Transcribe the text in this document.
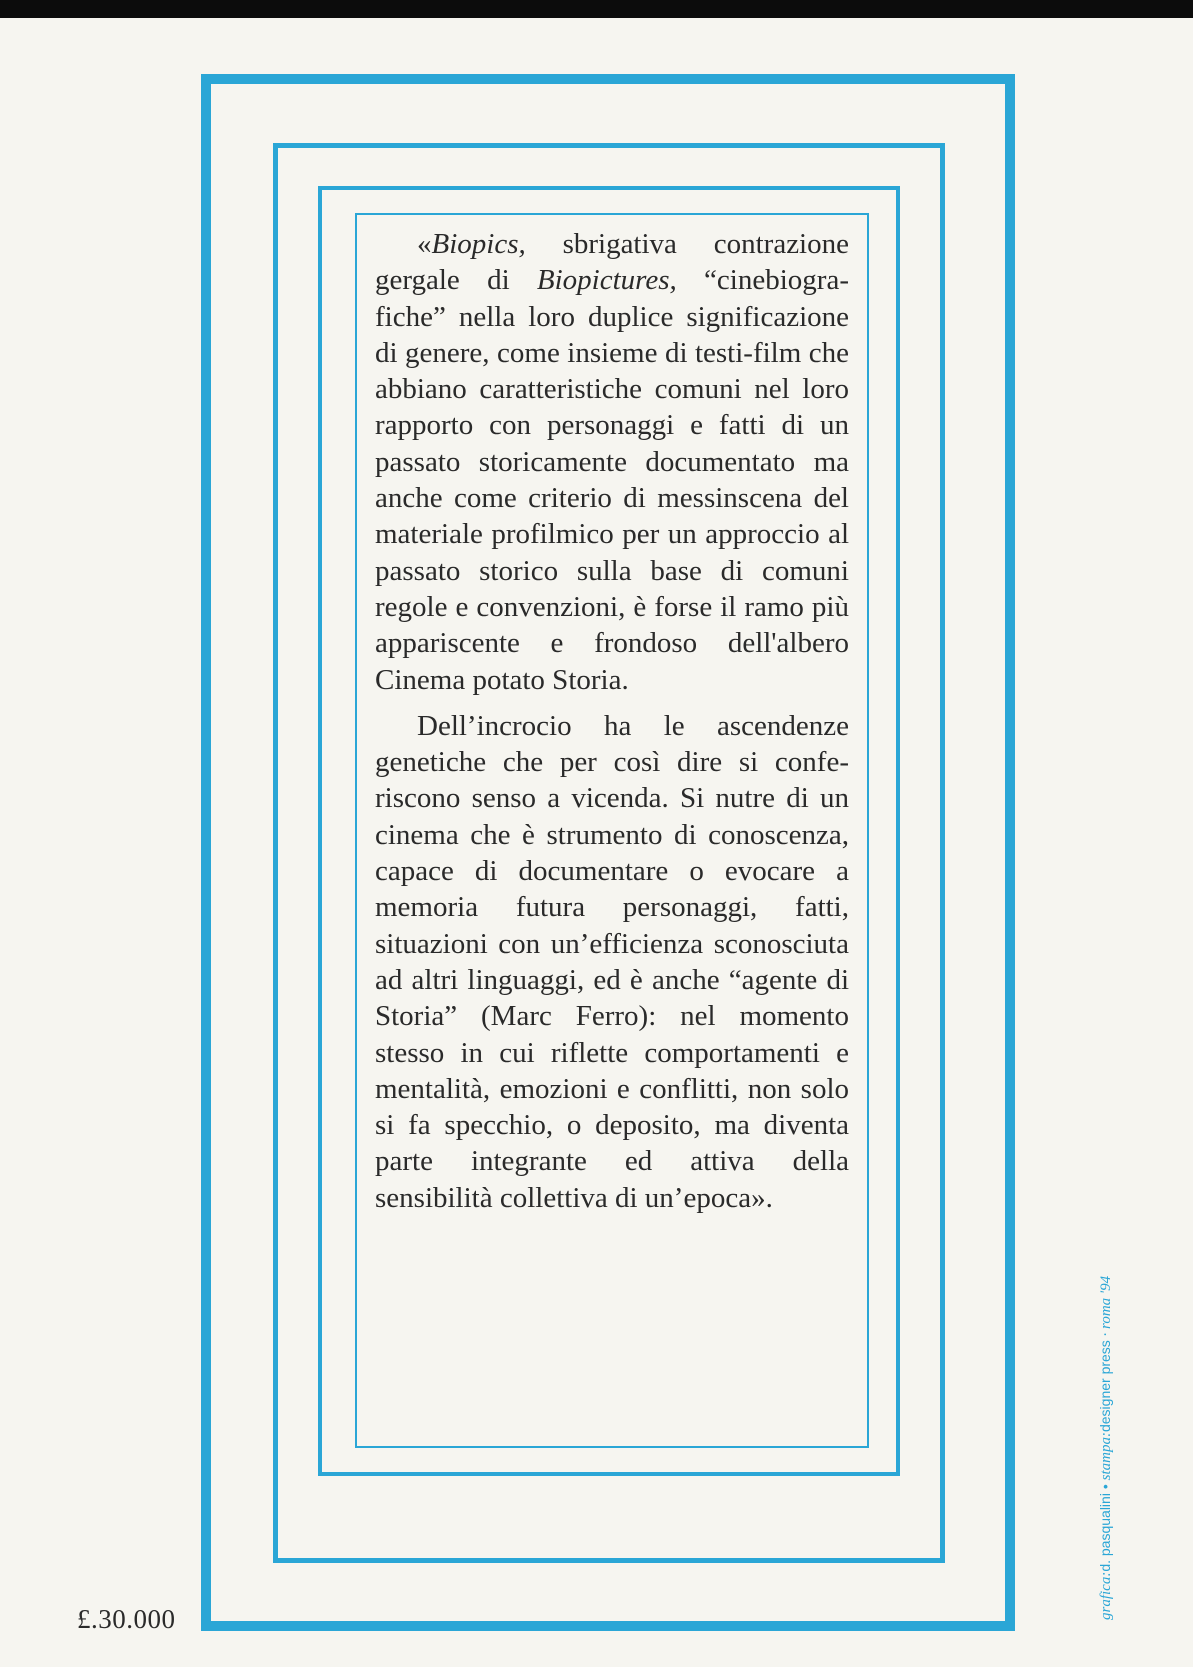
«Biopics, sbrigativa contrazione gergale di Biopictures, “cinebiografiche” nella loro duplice significazione di genere, come insieme di testi-film che abbiano caratteristiche comuni nel loro rapporto con personaggi e fatti di un passato storicamente documentato ma anche come criterio di messinscena del materiale profilmico per un approccio al passato storico sulla base di comuni regole e convenzioni, è forse il ramo più appariscente e frondoso dell'albero Cinema potato Storia.

Dell’incrocio ha le ascendenze genetiche che per così dire si conferiscono senso a vicenda. Si nutre di un cinema che è strumento di conoscenza, capace di documentare o evocare a memoria futura personaggi, fatti, situazioni con un’efficienza sconosciuta ad altri linguaggi, ed è anche “agente di Storia” (Marc Ferro): nel momento stesso in cui riflette comportamenti e mentalità, emozioni e conflitti, non solo si fa specchio, o deposito, ma diventa parte integrante ed attiva della sensibilità collettiva di un’epoca».

£.30.000	grafica:d. pasqualini • stampa:designer press · roma '94
